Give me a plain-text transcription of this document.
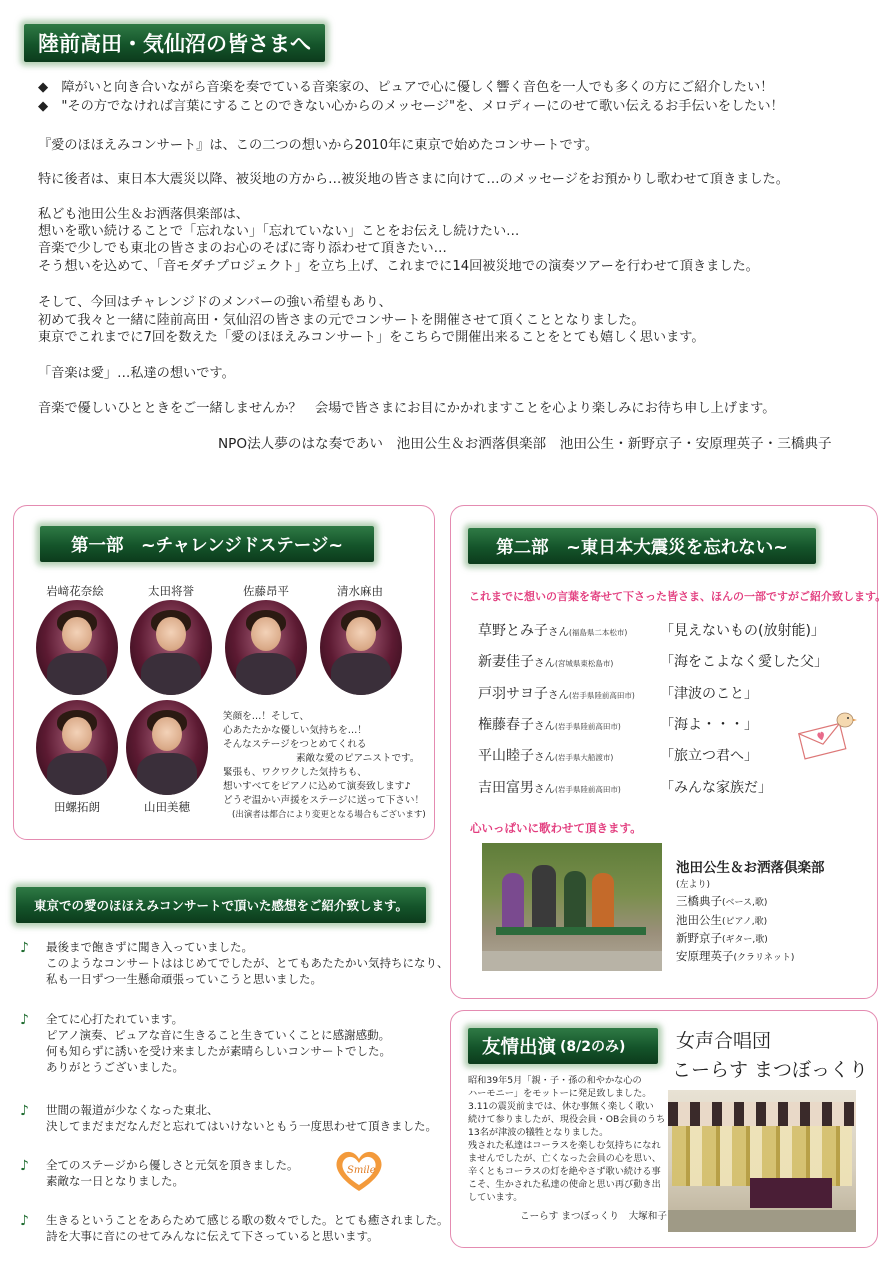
陸前高田・気仙沼の皆さまへ
◆　障がいと向き合いながら音楽を奏でている音楽家の、ピュアで心に優しく響く音色を一人でも多くの方にご紹介したい！
◆　"その方でなければ言葉にすることのできない心からのメッセージ"を、メロディーにのせて歌い伝えるお手伝いをしたい！
『愛のほほえみコンサート』は、この二つの想いから2010年に東京で始めたコンサートです。
特に後者は、東日本大震災以降、被災地の方から…被災地の皆さまに向けて…のメッセージをお預かりし歌わせて頂きました。
私ども池田公生＆お洒落倶楽部は、
想いを歌い続けることで「忘れない」「忘れていない」ことをお伝えし続けたい…
音楽で少しでも東北の皆さまのお心のそばに寄り添わせて頂きたい…
そう想いを込めて、「音モダチプロジェクト」を立ち上げ、これまでに14回被災地での演奏ツアーを行わせて頂きました。
そして、今回はチャレンジドのメンバーの強い希望もあり、
初めて我々と一緒に陸前高田・気仙沼の皆さまの元でコンサートを開催させて頂くこととなりました。
東京でこれまでに7回を数えた「愛のほほえみコンサート」をこちらで開催出来ることをとても嬉しく思います。
「音楽は愛」…私達の想いです。
音楽で優しいひとときをご一緒しませんか？　会場で皆さまにお目にかかれますことを心より楽しみにお待ち申し上げます。
NPO法人夢のはな奏であい　池田公生＆お洒落倶楽部　池田公生・新野京子・安原理英子・三橋典子
第一部　~チャレンジドステージ~
岩﨑花奈絵	太田将誉	佐藤昂平	清水麻由
田螺拓朗	山田美穂
笑顔を…！そして、
心あたたかな優しい気持ちを…！
そんなステージをつとめてくれる
素敵な愛のピアニストです。
緊張も、ワクワクした気持ちも、
想いすべてをピアノに込めて演奏致します♪
どうぞ温かい声援をステージに送って下さい！
(出演者は都合により変更となる場合もございます)
東京での愛のほほえみコンサートで頂いた感想をご紹介致します。
♪ 最後まで飽きずに聞き入っていました。
このようなコンサートははじめてでしたが、とてもあたたかい気持ちになり、
私も一日ずつ一生懸命頑張っていこうと思いました。
♪ 全てに心打たれています。
ピアノ演奏、ピュアな音に生きること生きていくことに感謝感動。
何も知らずに誘いを受け来ましたが素晴らしいコンサートでした。
ありがとうございました。
♪ 世間の報道が少なくなった東北、
決してまだまだなんだと忘れてはいけないともう一度思わせて頂きました。
♪ 全てのステージから優しさと元気を頂きました。
素敵な一日となりました。
Smile
♪ 生きるということをあらためて感じる歌の数々でした。とても癒されました。
詩を大事に音にのせてみんなに伝えて下さっていると思います。
第二部　~東日本大震災を忘れない~
これまでに想いの言葉を寄せて下さった皆さま、ほんの一部ですがご紹介致します。
草野とみ子さん(福島県二本松市) 「見えないもの(放射能)」
新妻佳子さん(宮城県東松島市)	「海をこよなく愛した父」
戸羽サヨ子さん(岩手県陸前高田市) 「津波のこと」
権藤春子さん(岩手県陸前高田市)	「海よ・・・」
平山睦子さん(岩手県大船渡市)	「旅立つ君へ」
吉田富男さん(岩手県陸前高田市)	「みんな家族だ」
心いっぱいに歌わせて頂きます。
池田公生＆お洒落倶楽部
(左より)
三橋典子(ベース,歌)
池田公生(ピアノ,歌)
新野京子(ギター,歌)
安原理英子(クラリネット)
友情出演 (8/2のみ)	女声合唱団
こーらす まつぼっくり
昭和39年5月「親・子・孫の和やかな心の
ハーモニー」をモットーに発足致しました。
3.11の震災前までは、休む事無く楽しく歌い
続けて参りましたが、現役会員・OB会員のうち
13名が津波の犠牲となりました。
残された私達はコーラスを楽しむ気持ちになれ
ませんでしたが、亡くなった会員の心を思い、
辛くともコーラスの灯を絶やさず歌い続ける事
こそ、生かされた私達の使命と思い再び動き出
しています。
こーらす まつぼっくり　大塚和子
